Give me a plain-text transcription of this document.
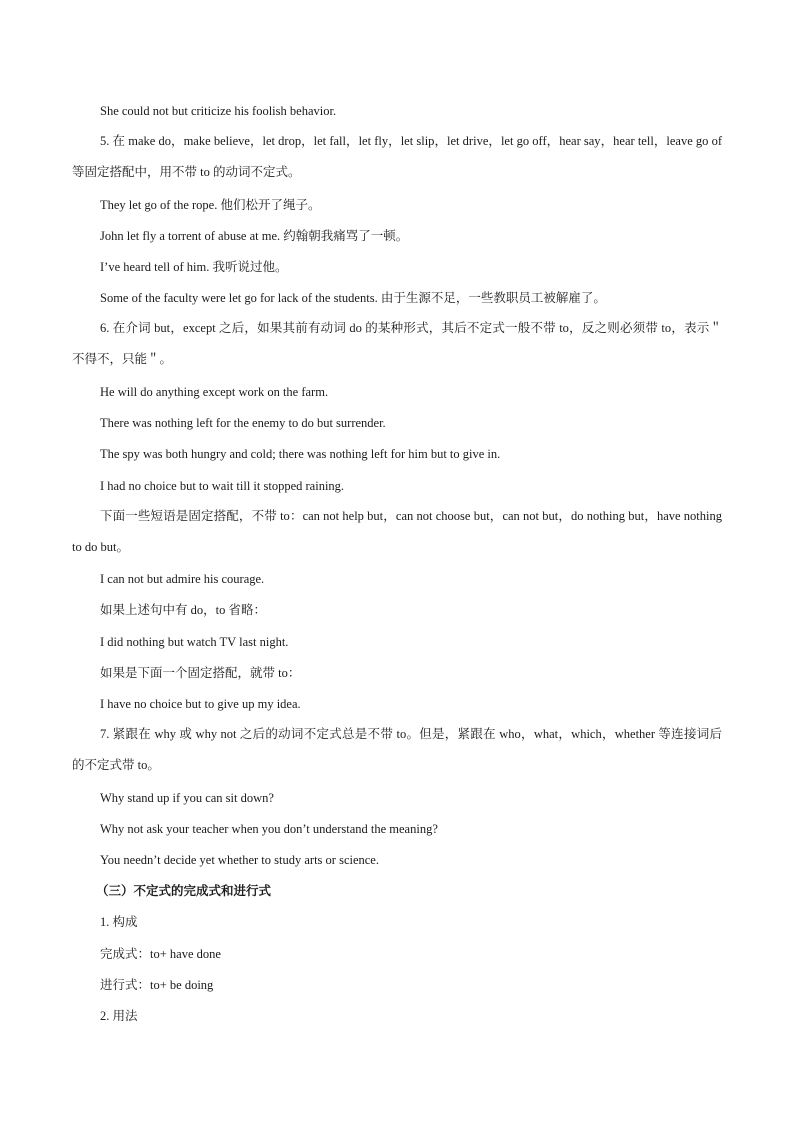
She could not but criticize his foolish behavior.
5. 在 make do，make believe，let drop，let fall，let fly，let slip，let drive，let go off，hear say，hear tell，leave go of 等固定搭配中，用不带 to 的动词不定式。
They let go of the rope. 他们松开了绳子。
John let fly a torrent of abuse at me. 约翰朝我痛骂了一顿。
I’ve heard tell of him. 我听说过他。
Some of the faculty were let go for lack of the students. 由于生源不足，一些教职员工被解雇了。
6. 在介词 but，except 之后，如果其前有动词 do 的某种形式，其后不定式一般不带 to，反之则必须带 to，表示＂不得不，只能＂。
He will do anything except work on the farm.
There was nothing left for the enemy to do but surrender.
The spy was both hungry and cold; there was nothing left for him but to give in.
I had no choice but to wait till it stopped raining.
下面一些短语是固定搭配，不带 to：can not help but，can not choose but，can not but，do nothing but，have nothing to do but。
I can not but admire his courage.
如果上述句中有 do，to 省略：
I did nothing but watch TV last night.
如果是下面一个固定搭配，就带 to：
I have no choice but to give up my idea.
7. 紧跟在 why 或 why not 之后的动词不定式总是不带 to。但是，紧跟在 who，what，which，whether 等连接词后的不定式带 to。
Why stand up if you can sit down?
Why not ask your teacher when you don’t understand the meaning?
You needn’t decide yet whether to study arts or science.
（三）不定式的完成式和进行式
1. 构成
完成式：to+ have done
进行式：to+ be doing
2. 用法
